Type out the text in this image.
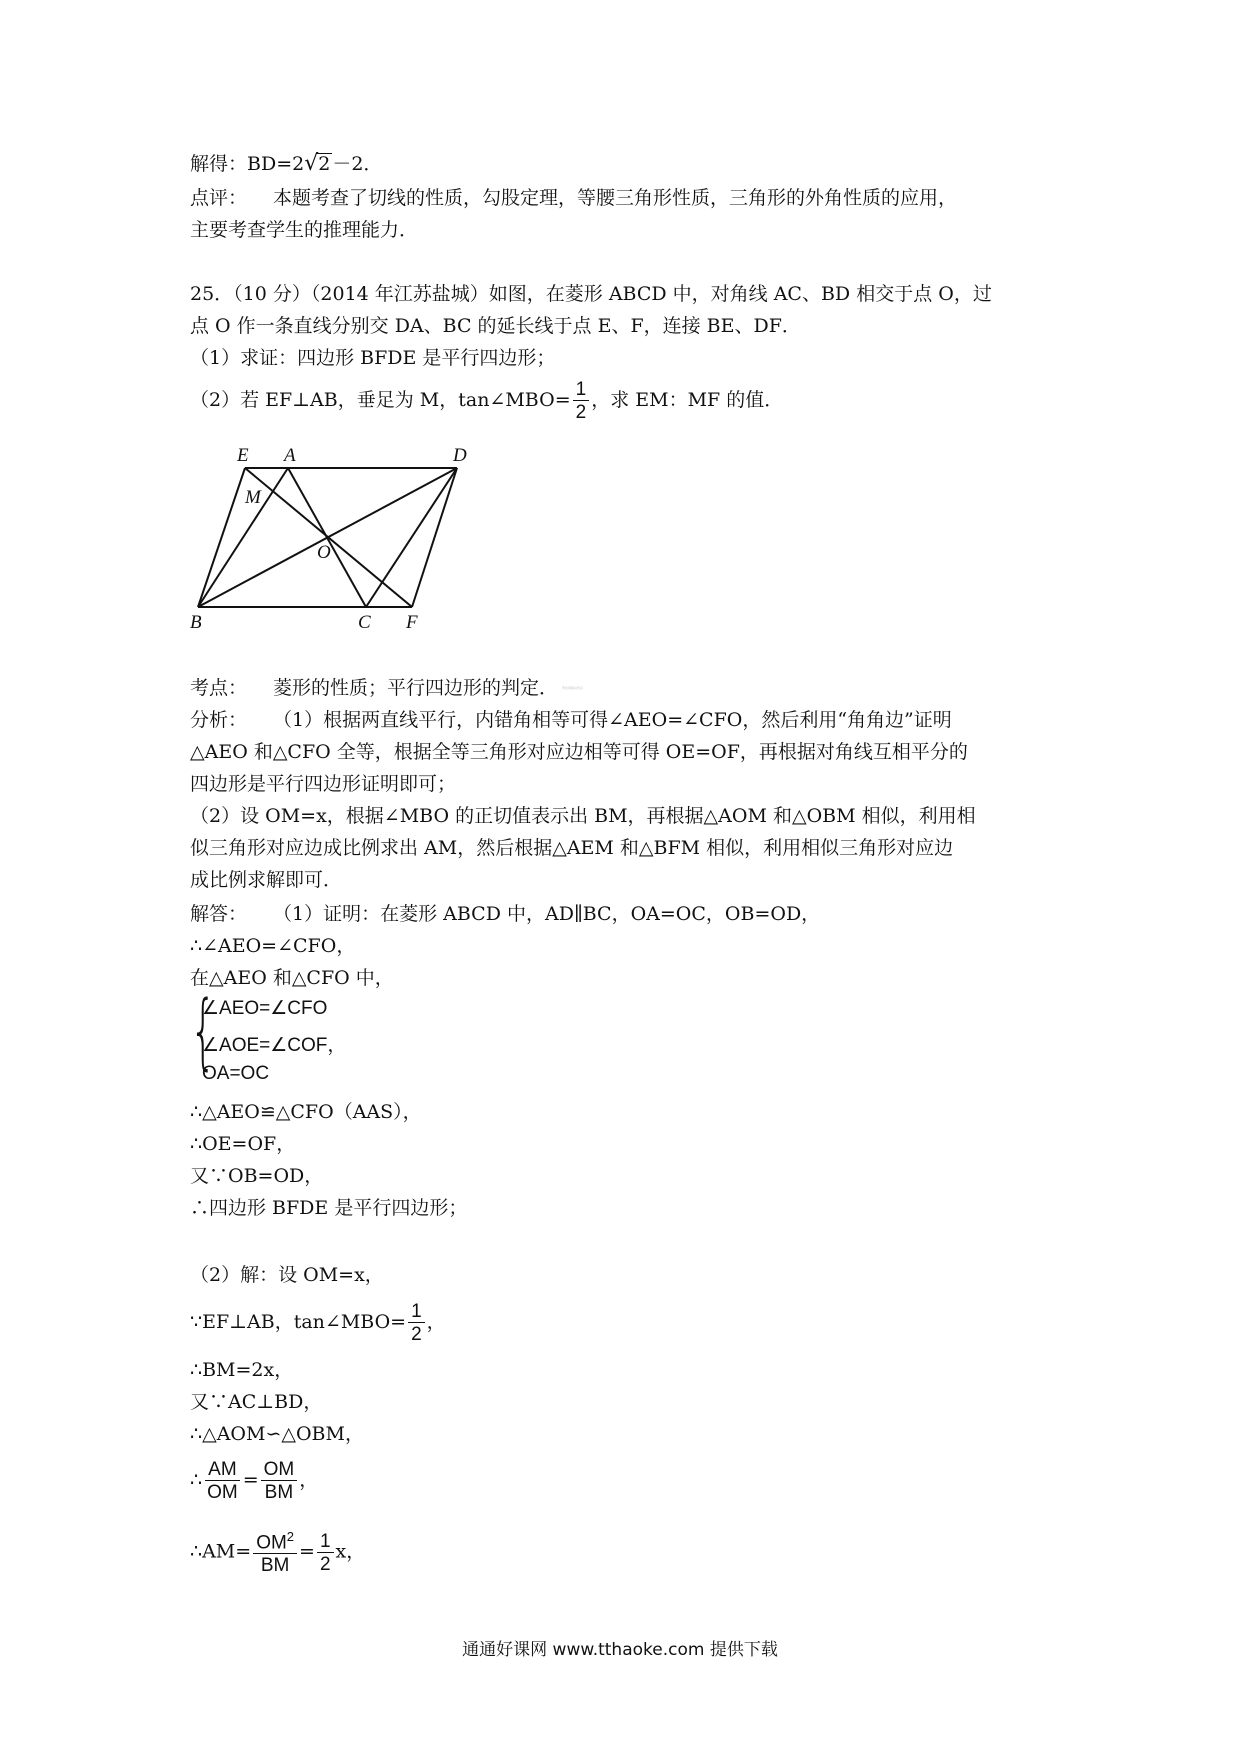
解得：BD=2√2 －2．
点评： 本题考查了切线的性质，勾股定理，等腰三角形性质，三角形的外角性质的应用，
主要考查学生的推理能力．
25．（10 分）（2014 年江苏盐城）如图，在菱形 ABCD 中，对角线 AC、BD 相交于点 O，过
点 O 作一条直线分别交 DA、BC 的延长线于点 E、F，连接 BE、DF．
（1）求证：四边形 BFDE 是平行四边形；
（2）若 EF⊥AB，垂足为 M，tan∠MBO= $\frac{1}{2}$ ，求 EM：MF 的值．
E A	D
M
O
B	C F
考点： 菱形的性质；平行四边形的判定． 菁优网版权所有
分析： （1）根据两直线平行，内错角相等可得∠AEO=∠CFO，然后利用“角角边”证明
△AEO 和△CFO 全等，根据全等三角形对应边相等可得 OE=OF，再根据对角线互相平分的
四边形是平行四边形证明即可；
（2）设 OM=x，根据∠MBO 的正切值表示出 BM，再根据△AOM 和△OBM 相似，利用相
似三角形对应边成比例求出 AM，然后根据△AEM 和△BFM 相似，利用相似三角形对应边
成比例求解即可．
解答： （1）证明：在菱形 ABCD 中，AD∥BC，OA=OC，OB=OD，
∴∠AEO=∠CFO，
在△AEO 和△CFO 中，
{
∠AEO=∠CFO
∠AOE=∠COF，
OA=OC
∴△AEO≌△CFO（AAS），
∴OE=OF，
又∵OB=OD，
∴四边形 BFDE 是平行四边形；
（2）解：设 OM=x，
∵EF⊥AB，tan∠MBO= $\frac{1}{2}$ ，
∴BM=2x，
又∵AC⊥BD，
∴△AOM∽△OBM，
∴ $\frac{AM}{OM} = \frac{OM}{BM}$ ，
∴AM= $\frac{OM^2}{BM} = \frac{1}{2}$ x，
通通好课网 www.tthaoke.com 提供下载
